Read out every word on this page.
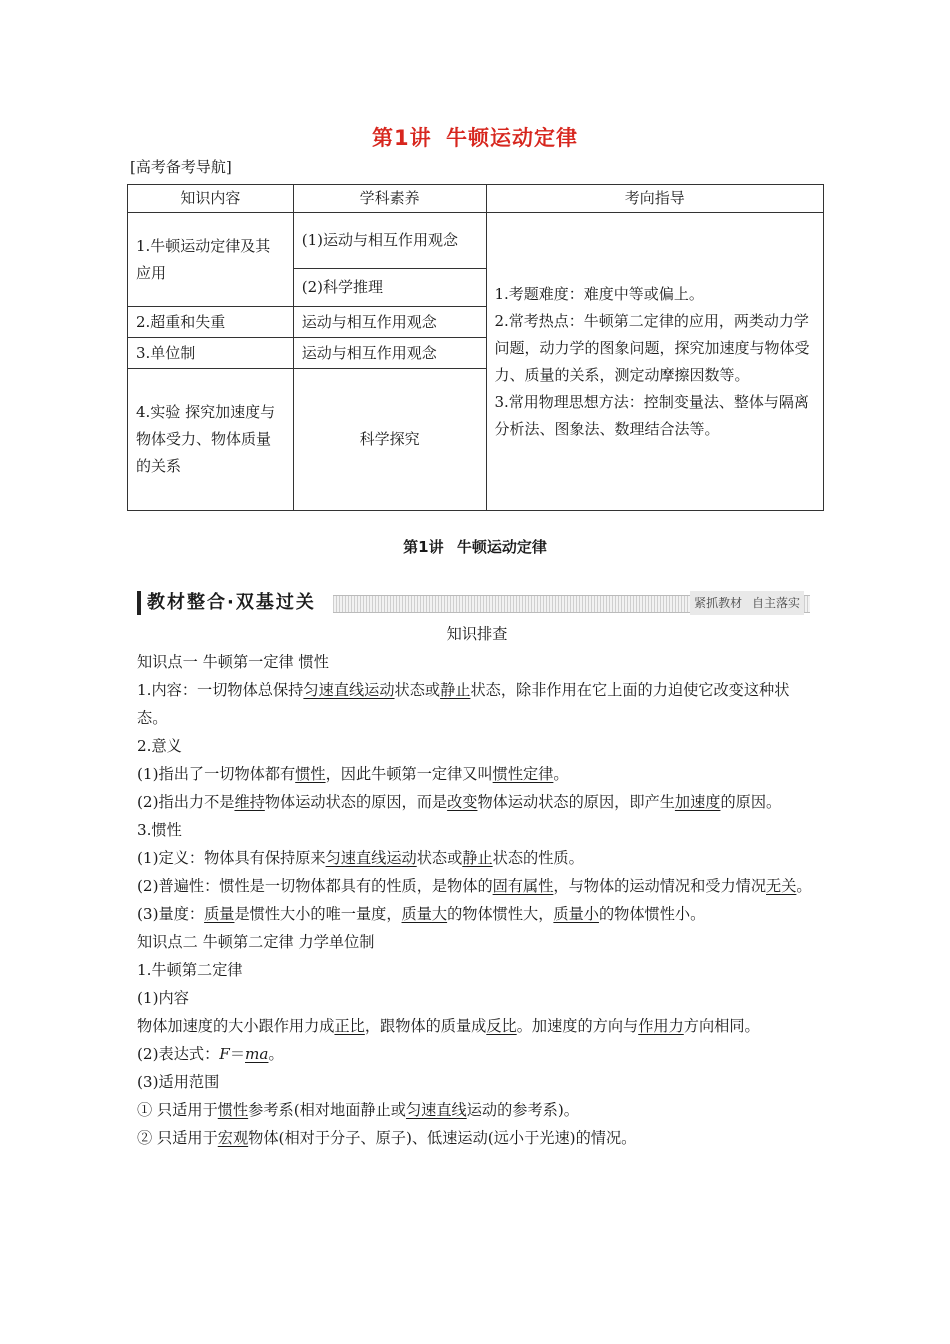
第1讲 牛顿运动定律
[高考备考导航]
知识内容	学科素养	考向指导
1.牛顿运动定律及其应用	(1)运动与相互作用观念	1.考题难度：难度中等或偏上。
2.常考热点：牛顿第二定律的应用，两类动力学问题，动力学的图象问题，探究加速度与物体受力、质量的关系，测定动摩擦因数等。
3.常用物理思想方法：控制变量法、整体与隔离分析法、图象法、数理结合法等。

	(2)科学推理	
2.超重和失重	运动与相互作用观念	
3.单位制	运动与相互作用观念	
4.实验 探究加速度与物体受力、物体质量的关系	科学探究	
第1讲 牛顿运动定律
教材整合·双基过关	紧抓教材 自主落实

知识排查

知识点一 牛顿第一定律 惯性

1.内容：一切物体总保持匀速直线运动状态或静止状态，除非作用在它上面的力迫使它改变这种状态。

2.意义

(1)指出了一切物体都有惯性，因此牛顿第一定律又叫惯性定律。

(2)指出力不是维持物体运动状态的原因，而是改变物体运动状态的原因，即产生加速度的原因。

3.惯性

(1)定义：物体具有保持原来匀速直线运动状态或静止状态的性质。

(2)普遍性：惯性是一切物体都具有的性质，是物体的固有属性，与物体的运动情况和受力情况无关。

(3)量度：质量是惯性大小的唯一量度，质量大的物体惯性大，质量小的物体惯性小。

知识点二 牛顿第二定律 力学单位制

1.牛顿第二定律

(1)内容

物体加速度的大小跟作用力成正比，跟物体的质量成反比。加速度的方向与作用力方向相同。

(2)表达式：F＝ma。

(3)适用范围

① 只适用于惯性参考系(相对地面静止或匀速直线运动的参考系)。

② 只适用于宏观物体(相对于分子、原子)、低速运动(远小于光速)的情况。
